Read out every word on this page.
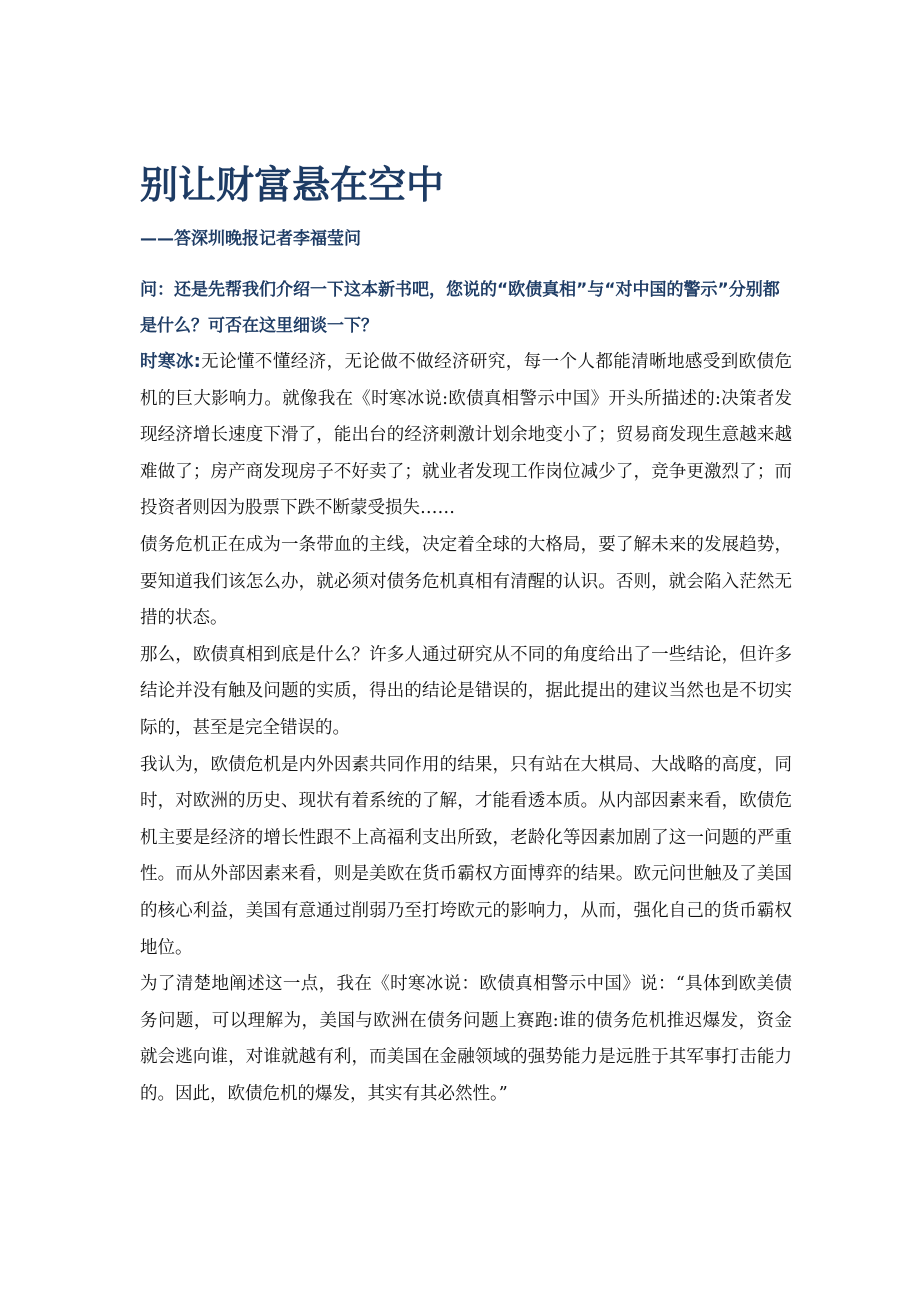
别让财富悬在空中
——答深圳晚报记者李福莹问
问：还是先帮我们介绍一下这本新书吧，您说的“欧债真相”与“对中国的警示”分别都是什么？可否在这里细谈一下？

时寒冰:无论懂不懂经济，无论做不做经济研究，每一个人都能清晰地感受到欧债危机的巨大影响力。就像我在《时寒冰说:欧债真相警示中国》开头所描述的:决策者发现经济增长速度下滑了，能出台的经济刺激计划余地变小了；贸易商发现生意越来越难做了；房产商发现房子不好卖了；就业者发现工作岗位减少了，竞争更激烈了；而投资者则因为股票下跌不断蒙受损失……

债务危机正在成为一条带血的主线，决定着全球的大格局，要了解未来的发展趋势，要知道我们该怎么办，就必须对债务危机真相有清醒的认识。否则，就会陷入茫然无措的状态。

那么，欧债真相到底是什么？许多人通过研究从不同的角度给出了一些结论，但许多结论并没有触及问题的实质，得出的结论是错误的，据此提出的建议当然也是不切实际的，甚至是完全错误的。

我认为，欧债危机是内外因素共同作用的结果，只有站在大棋局、大战略的高度，同时，对欧洲的历史、现状有着系统的了解，才能看透本质。从内部因素来看，欧债危机主要是经济的增长性跟不上高福利支出所致，老龄化等因素加剧了这一问题的严重性。而从外部因素来看，则是美欧在货币霸权方面博弈的结果。欧元问世触及了美国的核心利益，美国有意通过削弱乃至打垮欧元的影响力，从而，强化自己的货币霸权地位。

为了清楚地阐述这一点，我在《时寒冰说：欧债真相警示中国》说：“具体到欧美债务问题，可以理解为，美国与欧洲在债务问题上赛跑:谁的债务危机推迟爆发，资金就会逃向谁，对谁就越有利，而美国在金融领域的强势能力是远胜于其军事打击能力的。因此，欧债危机的爆发，其实有其必然性。”
